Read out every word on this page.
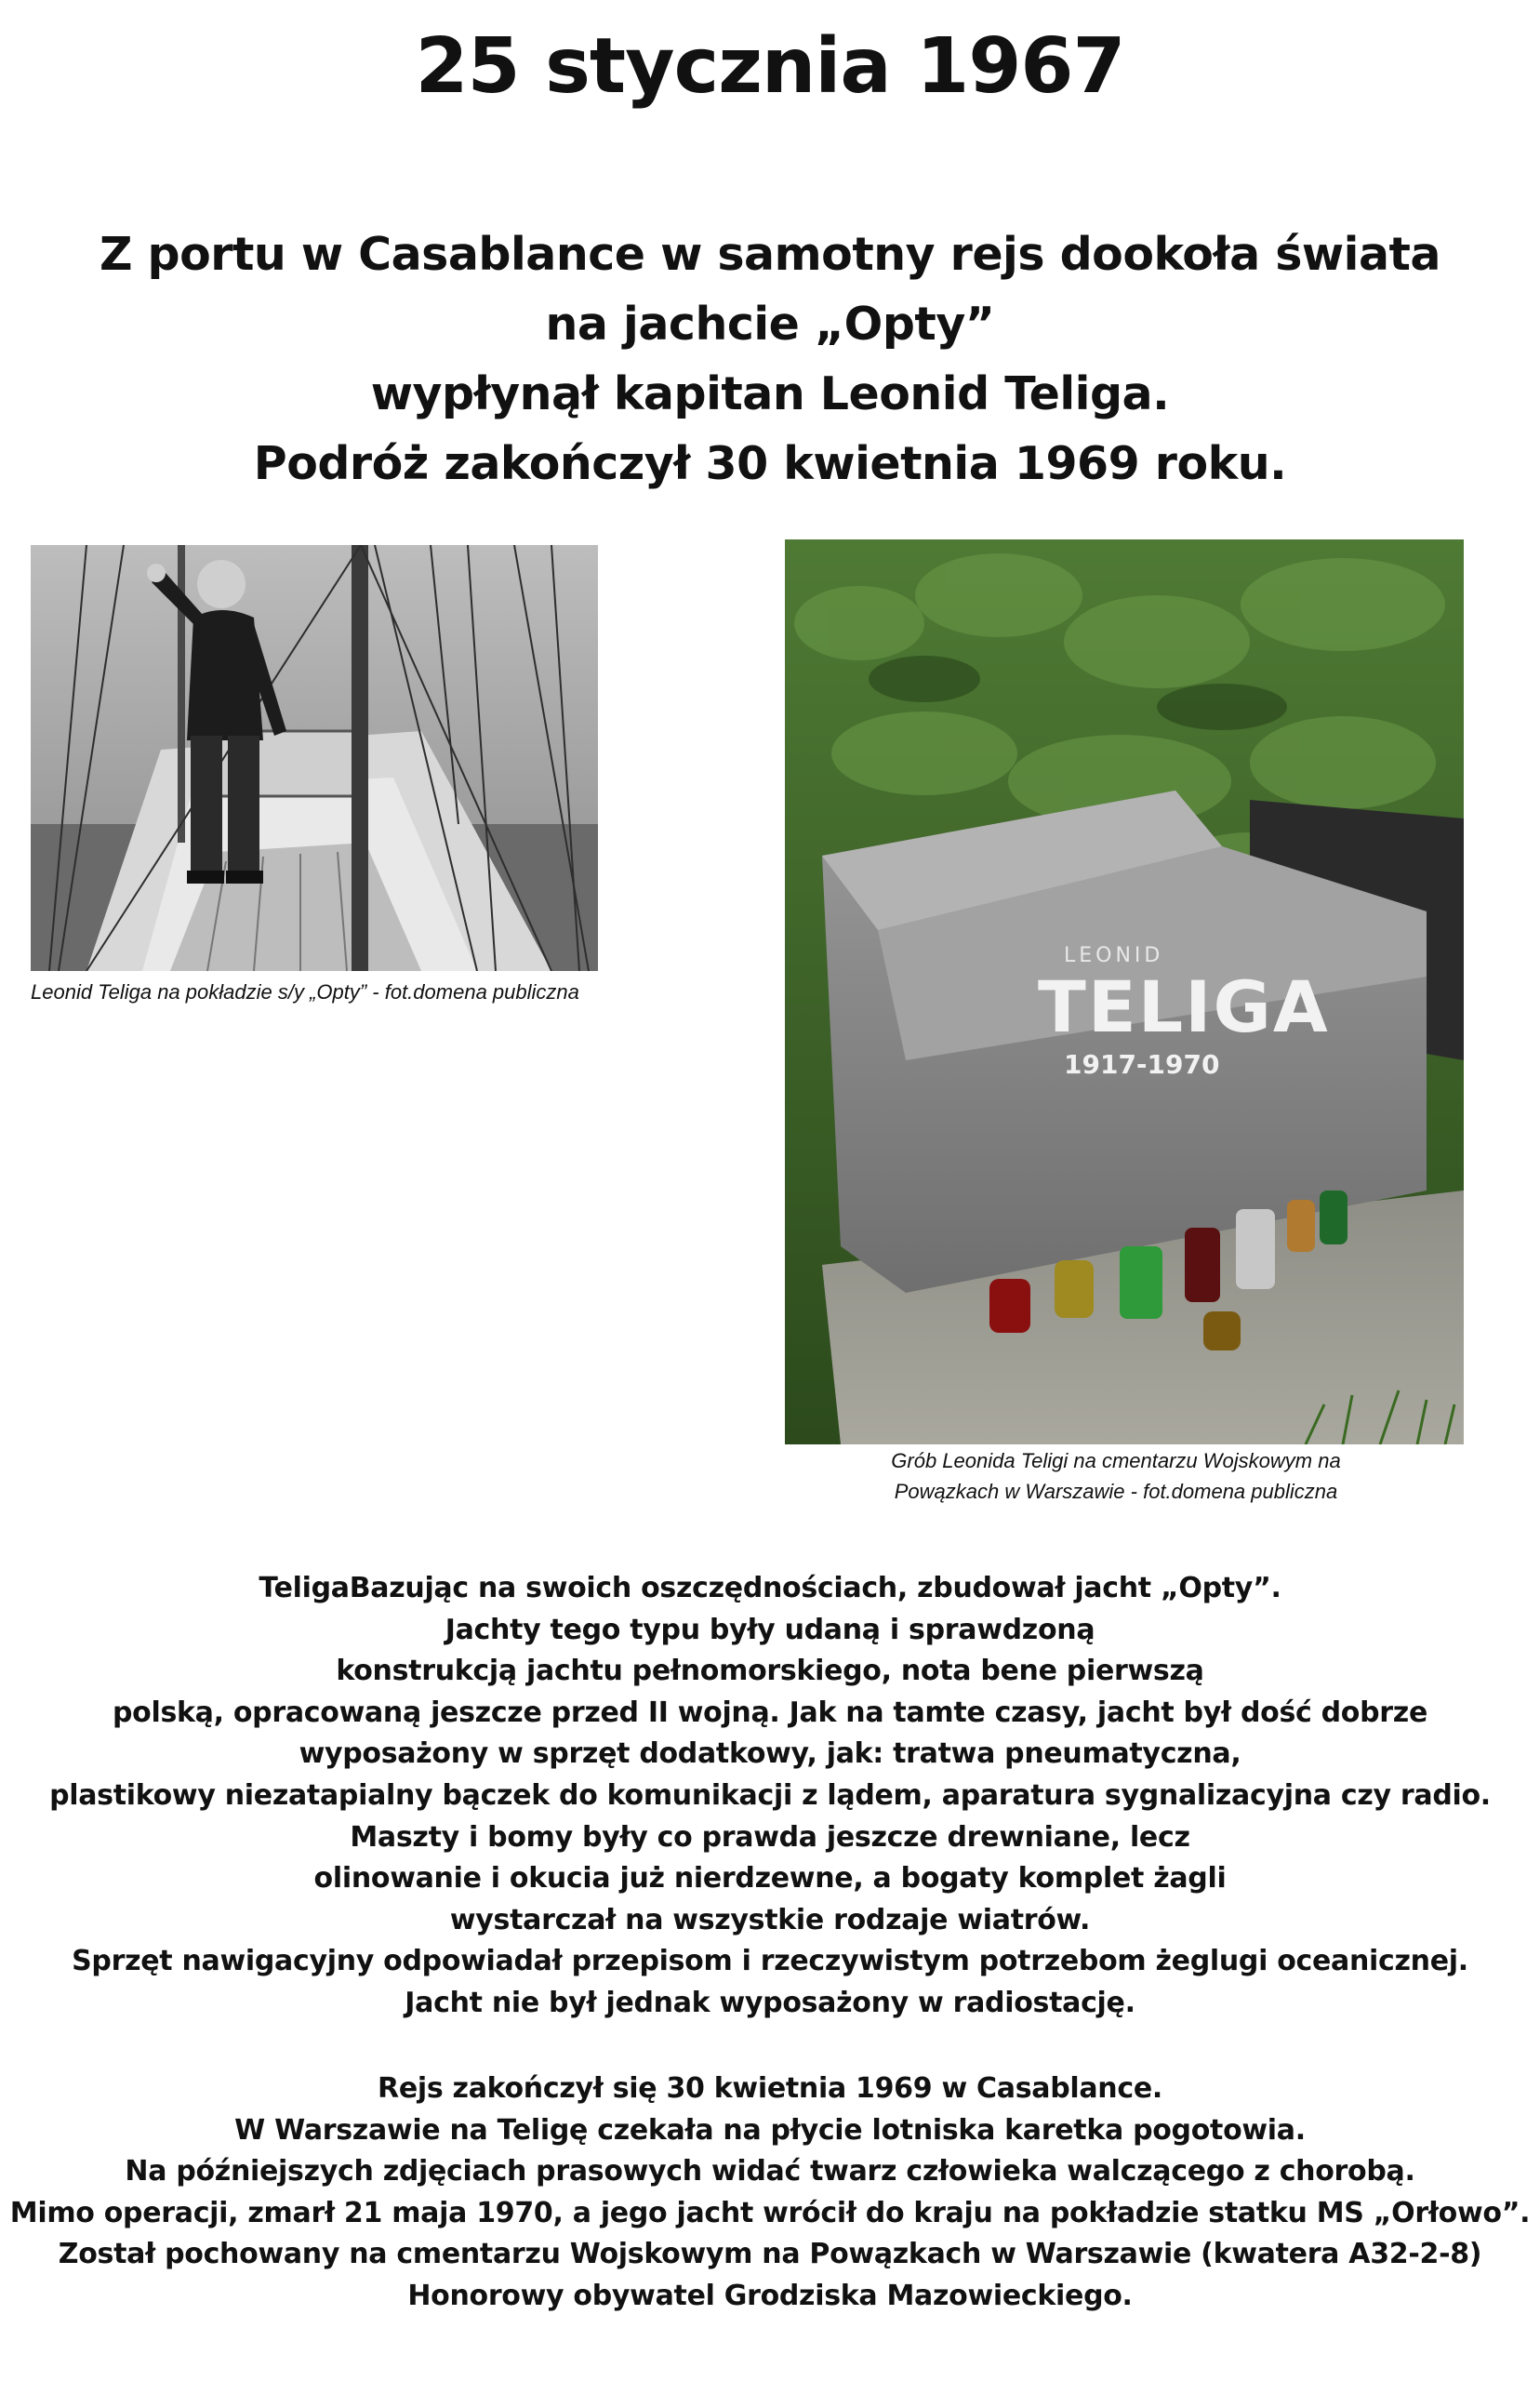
25 stycznia 1967
Z portu w Casablance w samotny rejs dookoła świata
na jachcie „Opty”
wypłynął kapitan Leonid Teliga.
Podróż zakończył 30 kwietnia 1969 roku.
Leonid Teliga na pokładzie s/y „Opty” - fot.domena publiczna
LEONID
TELIGA
1917-1970
Grób Leonida Teligi na cmentarzu Wojskowym na
Powązkach w Warszawie - fot.domena publiczna
TeligaBazując na swoich oszczędnościach, zbudował jacht „Opty”.
Jachty tego typu były udaną i sprawdzoną
konstrukcją jachtu pełnomorskiego, nota bene pierwszą
polską, opracowaną jeszcze przed II wojną. Jak na tamte czasy, jacht był dość dobrze
wyposażony w sprzęt dodatkowy, jak: tratwa pneumatyczna,
plastikowy niezatapialny bączek do komunikacji z lądem, aparatura sygnalizacyjna czy radio.
Maszty i bomy były co prawda jeszcze drewniane, lecz
olinowanie i okucia już nierdzewne, a bogaty komplet żagli
wystarczał na wszystkie rodzaje wiatrów.
Sprzęt nawigacyjny odpowiadał przepisom i rzeczywistym potrzebom żeglugi oceanicznej.
Jacht nie był jednak wyposażony w radiostację.
Rejs zakończył się 30 kwietnia 1969 w Casablance.
W Warszawie na Teligę czekała na płycie lotniska karetka pogotowia.
Na późniejszych zdjęciach prasowych widać twarz człowieka walczącego z chorobą.
Mimo operacji, zmarł 21 maja 1970, a jego jacht wrócił do kraju na pokładzie statku MS „Orłowo”.
Został pochowany na cmentarzu Wojskowym na Powązkach w Warszawie (kwatera A32-2-8)
Honorowy obywatel Grodziska Mazowieckiego.
